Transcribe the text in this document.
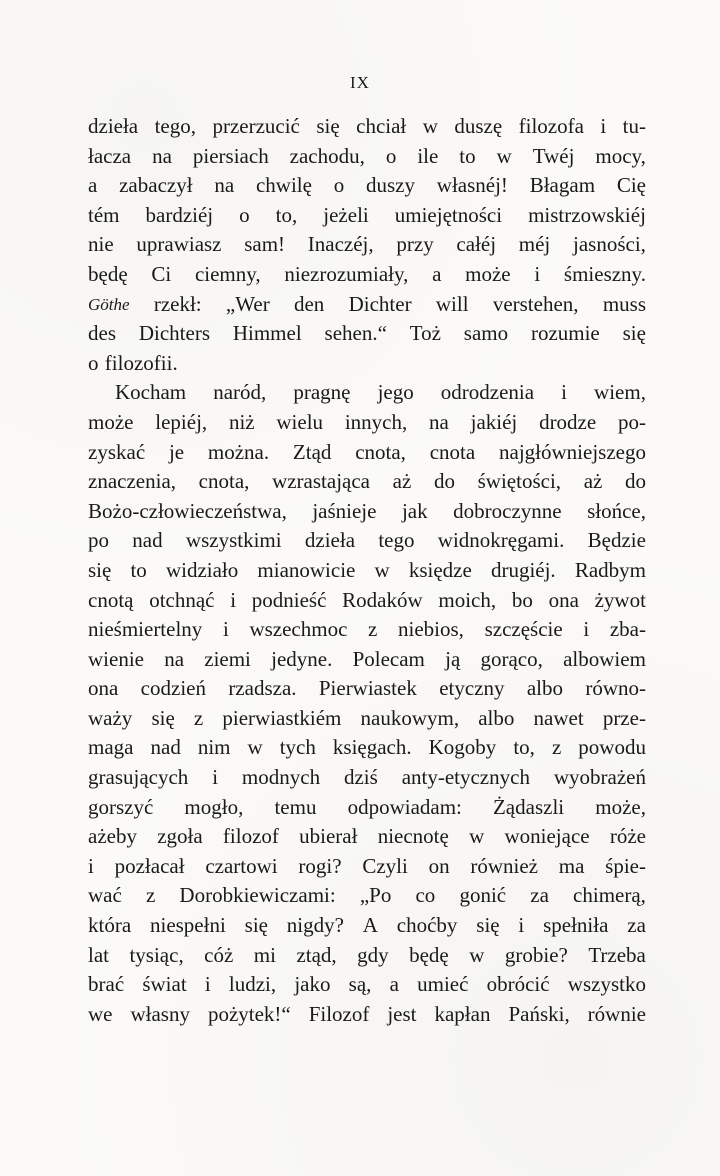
IX
dzieła tego, przerzucić się chciał w duszę filozofa i tu-
łacza na piersiach zachodu, o ile to w Twéj mocy,
a zabaczył na chwilę o duszy własnéj! Błagam Cię
tém bardziéj o to, jeżeli umiejętności mistrzowskiéj
nie uprawiasz sam! Inaczéj, przy całéj méj jasności,
będę Ci ciemny, niezrozumiały, a może i śmieszny.
Göthe rzekł: „Wer den Dichter will verstehen, muss
des Dichters Himmel sehen.“ Toż samo rozumie się
o filozofii.
Kocham naród, pragnę jego odrodzenia i wiem,
może lepiéj, niż wielu innych, na jakiéj drodze po-
zyskać je można. Ztąd cnota, cnota najgłówniejszego
znaczenia, cnota, wzrastająca aż do świętości, aż do
Bożo-człowieczeństwa, jaśnieje jak dobroczynne słońce,
po nad wszystkimi dzieła tego widnokręgami. Będzie
się to widziało mianowicie w księdze drugiéj. Radbym
cnotą otchnąć i podnieść Rodaków moich, bo ona żywot
nieśmiertelny i wszechmoc z niebios, szczęście i zba-
wienie na ziemi jedyne. Polecam ją gorąco, albowiem
ona codzień rzadsza. Pierwiastek etyczny albo równo-
waży się z pierwiastkiém naukowym, albo nawet prze-
maga nad nim w tych księgach. Kogoby to, z powodu
grasujących i modnych dziś anty-etycznych wyobrażeń
gorszyć mogło, temu odpowiadam: Żądaszli może,
ażeby zgoła filozof ubierał niecnotę w woniejące róże
i pozłacał czartowi rogi? Czyli on również ma śpie-
wać z Dorobkiewiczami: „Po co gonić za chimerą,
która niespełni się nigdy? A choćby się i spełniła za
lat tysiąc, cóż mi ztąd, gdy będę w grobie? Trzeba
brać świat i ludzi, jako są, a umieć obrócić wszystko
we własny pożytek!“ Filozof jest kapłan Pański, równie
